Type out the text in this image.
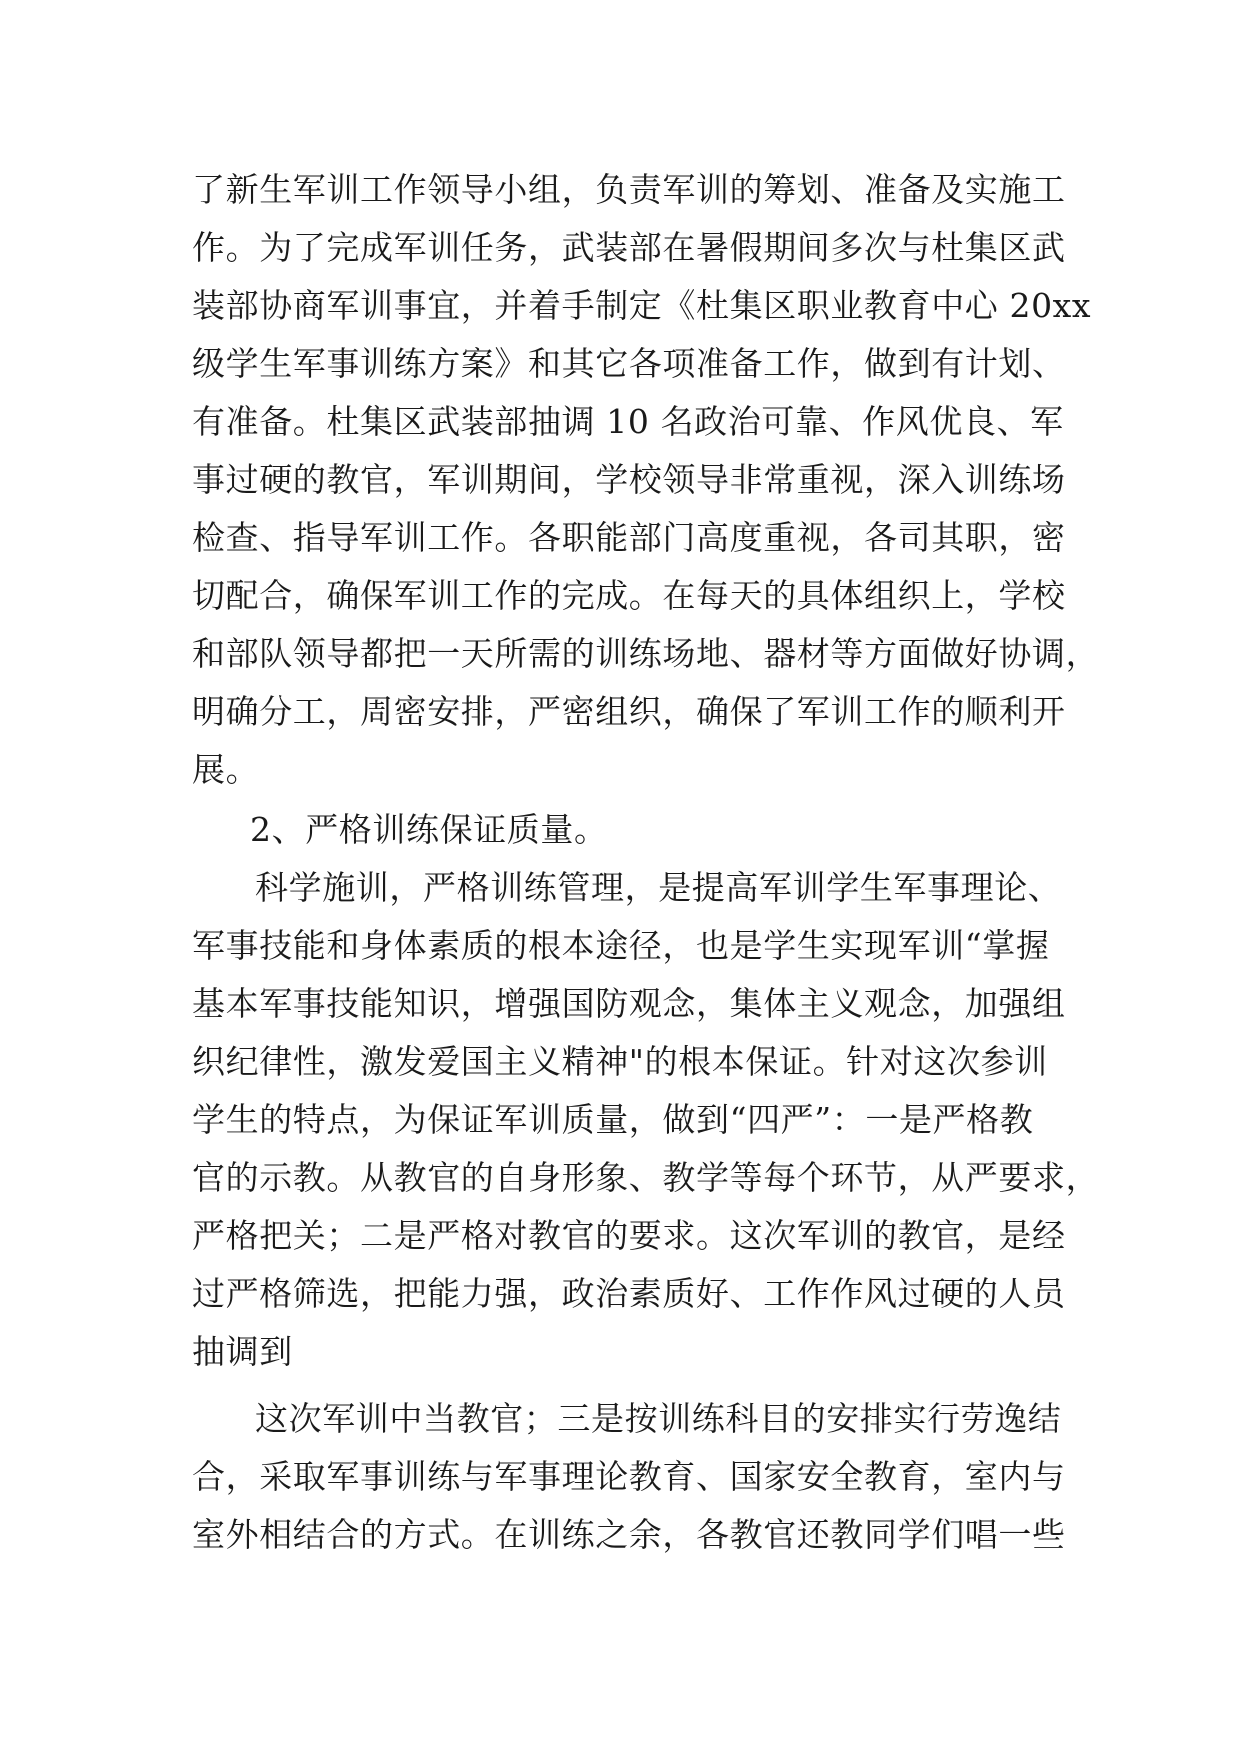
了新生军训工作领导小组，负责军训的筹划、准备及实施工
作。为了完成军训任务，武装部在暑假期间多次与杜集区武
装部协商军训事宜，并着手制定《杜集区职业教育中心 20xx
级学生军事训练方案》和其它各项准备工作，做到有计划、
有准备。杜集区武装部抽调 10 名政治可靠、作风优良、军
事过硬的教官，军训期间，学校领导非常重视，深入训练场
检查、指导军训工作。各职能部门高度重视，各司其职，密
切配合，确保军训工作的完成。在每天的具体组织上，学校
和部队领导都把一天所需的训练场地、器材等方面做好协调，
明确分工，周密安排，严密组织，确保了军训工作的顺利开
展。
2、严格训练保证质量。
科学施训，严格训练管理，是提高军训学生军事理论、
军事技能和身体素质的根本途径，也是学生实现军训“掌握
基本军事技能知识，增强国防观念，集体主义观念，加强组
织纪律性，激发爱国主义精神"的根本保证。针对这次参训
学生的特点，为保证军训质量，做到“四严”：一是严格教
官的示教。从教官的自身形象、教学等每个环节，从严要求，
严格把关；二是严格对教官的要求。这次军训的教官，是经
过严格筛选，把能力强，政治素质好、工作作风过硬的人员
抽调到
这次军训中当教官；三是按训练科目的安排实行劳逸结
合，采取军事训练与军事理论教育、国家安全教育，室内与
室外相结合的方式。在训练之余，各教官还教同学们唱一些
